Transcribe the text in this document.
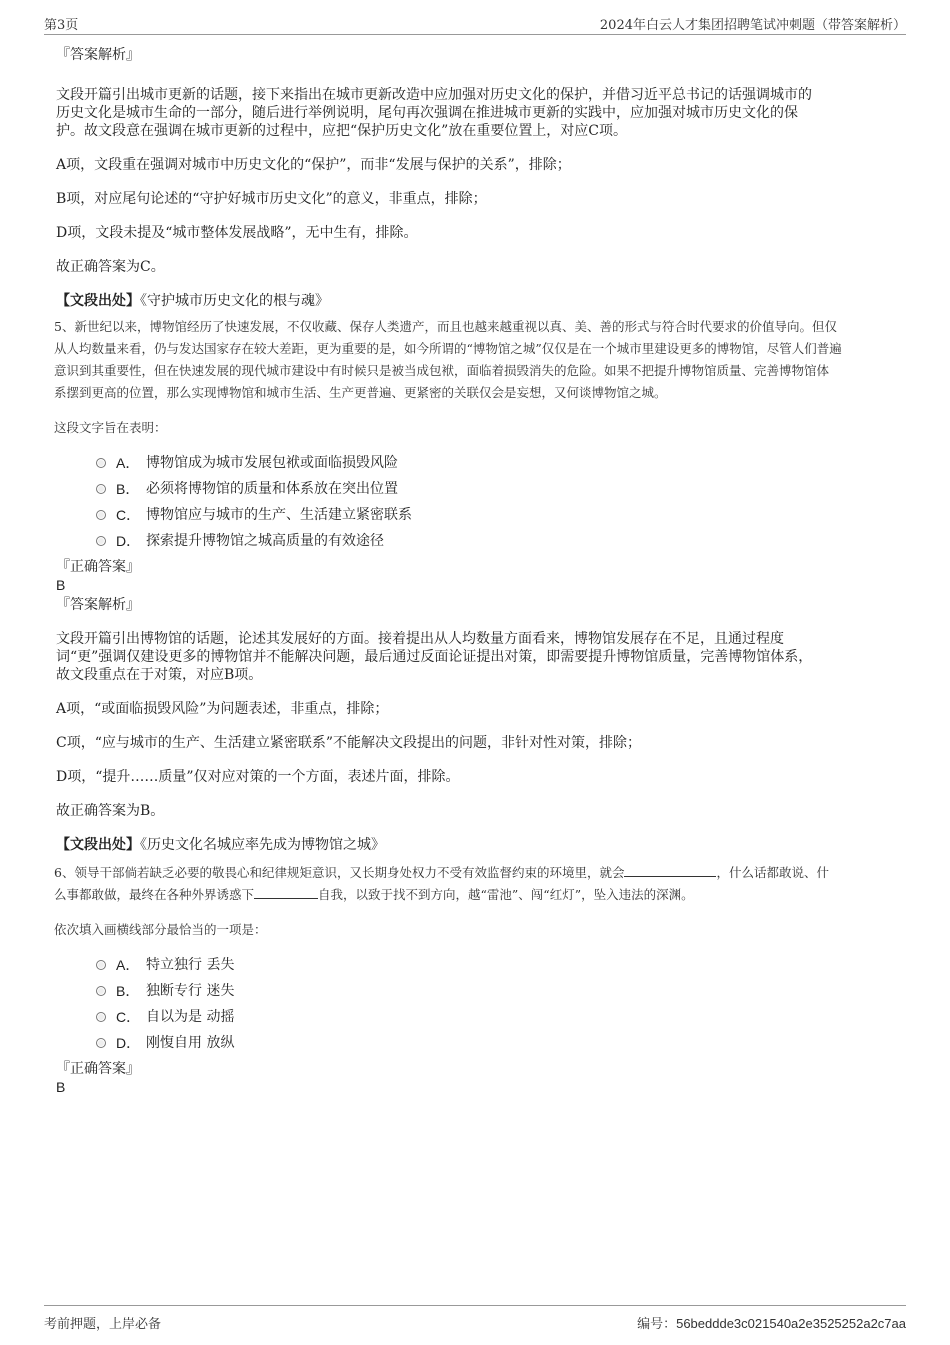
第3页	2024年白云人才集团招聘笔试冲刺题（带答案解析）
『答案解析』
文段开篇引出城市更新的话题，接下来指出在城市更新改造中应加强对历史文化的保护，并借习近平总书记的话强调城市的
历史文化是城市生命的一部分，随后进行举例说明，尾句再次强调在推进城市更新的实践中，应加强对城市历史文化的保
护。故文段意在强调在城市更新的过程中，应把“保护历史文化”放在重要位置上，对应C项。
A项，文段重在强调对城市中历史文化的“保护”，而非“发展与保护的关系”，排除；
B项，对应尾句论述的“守护好城市历史文化”的意义，非重点，排除；
D项，文段未提及“城市整体发展战略”，无中生有，排除。
故正确答案为C。
【文段出处】《守护城市历史文化的根与魂》
5、新世纪以来，博物馆经历了快速发展，不仅收藏、保存人类遗产，而且也越来越重视以真、美、善的形式与符合时代要求的价值导向。但仅
从人均数量来看，仍与发达国家存在较大差距，更为重要的是，如今所谓的“博物馆之城”仅仅是在一个城市里建设更多的博物馆，尽管人们普遍
意识到其重要性，但在快速发展的现代城市建设中有时候只是被当成包袱，面临着损毁消失的危险。如果不把提升博物馆质量、完善博物馆体
系摆到更高的位置，那么实现博物馆和城市生活、生产更普遍、更紧密的关联仅会是妄想，又何谈博物馆之城。
这段文字旨在表明：
A． 博物馆成为城市发展包袱或面临损毁风险
B． 必须将博物馆的质量和体系放在突出位置
C． 博物馆应与城市的生产、生活建立紧密联系
D． 探索提升博物馆之城高质量的有效途径
『正确答案』
B
『答案解析』
文段开篇引出博物馆的话题，论述其发展好的方面。接着提出从人均数量方面看来，博物馆发展存在不足，且通过程度
词“更”强调仅建设更多的博物馆并不能解决问题，最后通过反面论证提出对策，即需要提升博物馆质量，完善博物馆体系，
故文段重点在于对策，对应B项。
A项，“或面临损毁风险”为问题表述，非重点，排除；
C项，“应与城市的生产、生活建立紧密联系”不能解决文段提出的问题，非针对性对策，排除；
D项，“提升……质量”仅对应对策的一个方面，表述片面，排除。
故正确答案为B。
【文段出处】《历史文化名城应率先成为博物馆之城》
6、领导干部倘若缺乏必要的敬畏心和纪律规矩意识，又长期身处权力不受有效监督约束的环境里，就会	，什么话都敢说、什
么事都敢做，最终在各种外界诱惑下	自我，以致于找不到方向，越“雷池”、闯“红灯”，坠入违法的深渊。
依次填入画横线部分最恰当的一项是：
A． 特立独行 丢失
B． 独断专行 迷失
C． 自以为是 动摇
D． 刚愎自用 放纵
『正确答案』
B
考前押题，上岸必备	编号：56beddde3c021540a2e3525252a2c7aa
